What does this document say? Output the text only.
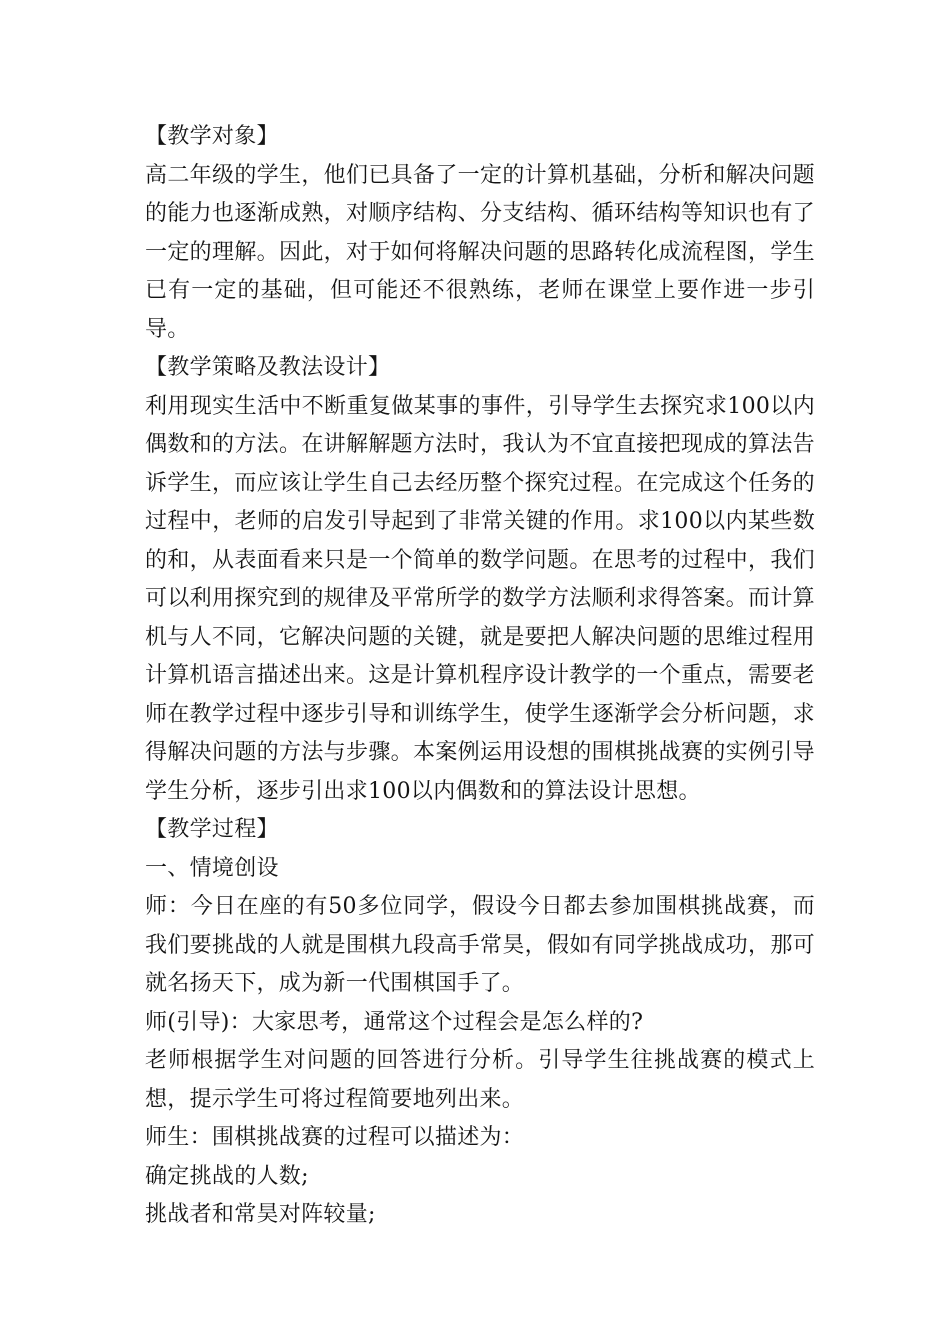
【教学对象】

高二年级的学生，他们已具备了一定的计算机基础，分析和解决问题的能力也逐渐成熟，对顺序结构、分支结构、循环结构等知识也有了一定的理解。因此，对于如何将解决问题的思路转化成流程图，学生已有一定的基础，但可能还不很熟练，老师在课堂上要作进一步引导。

【教学策略及教法设计】

利用现实生活中不断重复做某事的事件，引导学生去探究求100以内偶数和的方法。在讲解解题方法时，我认为不宜直接把现成的算法告诉学生，而应该让学生自己去经历整个探究过程。在完成这个任务的过程中，老师的启发引导起到了非常关键的作用。求100以内某些数的和，从表面看来只是一个简单的数学问题。在思考的过程中，我们可以利用探究到的规律及平常所学的数学方法顺利求得答案。而计算机与人不同，它解决问题的关键，就是要把人解决问题的思维过程用计算机语言描述出来。这是计算机程序设计教学的一个重点，需要老师在教学过程中逐步引导和训练学生，使学生逐渐学会分析问题，求得解决问题的方法与步骤。本案例运用设想的围棋挑战赛的实例引导学生分析，逐步引出求100以内偶数和的算法设计思想。

【教学过程】

一、情境创设

师：今日在座的有50多位同学，假设今日都去参加围棋挑战赛，而我们要挑战的人就是围棋九段高手常昊，假如有同学挑战成功，那可就名扬天下，成为新一代围棋国手了。

师(引导)：大家思考，通常这个过程会是怎么样的?

老师根据学生对问题的回答进行分析。引导学生往挑战赛的模式上想，提示学生可将过程简要地列出来。

师生：围棋挑战赛的过程可以描述为：

确定挑战的人数;

挑战者和常昊对阵较量;
